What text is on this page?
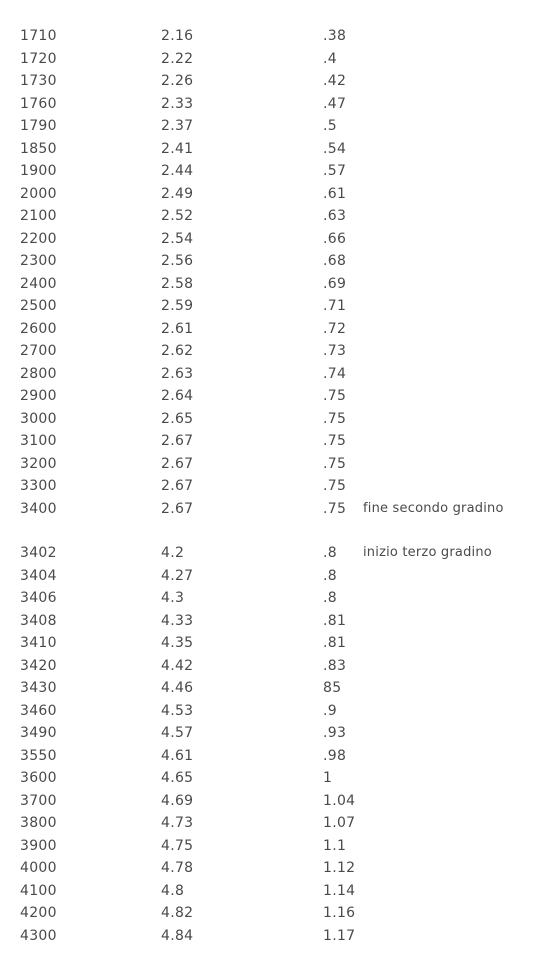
1710	2.16	.38
1720	2.22	.4
1730	2.26	.42
1760	2.33	.47
1790	2.37	.5
1850	2.41	.54
1900	2.44	.57
2000	2.49	.61
2100	2.52	.63
2200	2.54	.66
2300	2.56	.68
2400	2.58	.69
2500	2.59	.71
2600	2.61	.72
2700	2.62	.73
2800	2.63	.74
2900	2.64	.75
3000	2.65	.75
3100	2.67	.75
3200	2.67	.75
3300	2.67	.75
3400	2.67	.75 fine secondo gradino
3402	4.2	.8 inizio terzo gradino
3404	4.27	.8
3406	4.3	.8
3408	4.33	.81
3410	4.35	.81
3420	4.42	.83
3430	4.46	85
3460	4.53	.9
3490	4.57	.93
3550	4.61	.98
3600	4.65	1
3700	4.69	1.04
3800	4.73	1.07
3900	4.75	1.1
4000	4.78	1.12
4100	4.8	1.14
4200	4.82	1.16
4300	4.84	1.17
